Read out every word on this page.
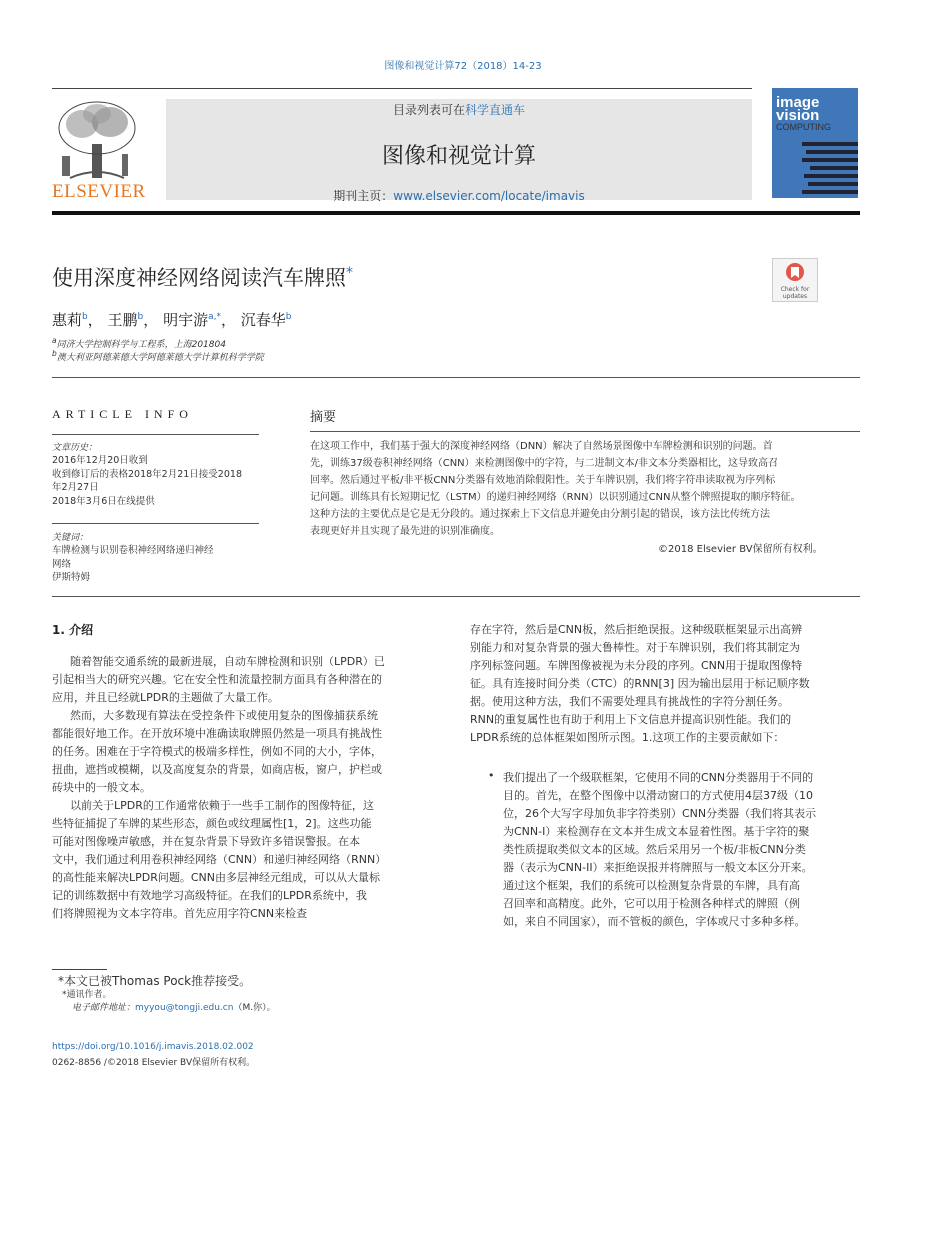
图像和视觉计算72（2018）14-23
ELSEVIER
目录列表可在科学直通车
图像和视觉计算
期刊主页：www.elsevier.com/locate/imavis
image
vision
COMPUTING
使用深度神经网络阅读汽车牌照*
Check for updates
惠莉$^b$， 王鹏$^b$， 明宇游$^{a,*}$， 沉春华$^b$
$^a$同济大学控制科学与工程系，上海201804
$^b$澳大利亚阿德莱德大学阿德莱德大学计算机科学学院
ARTICLE INFO	摘要
文章历史：
2016年12月20日收到
收到修订后的表格2018年2月21日接受2018
年2月27日
2018年3月6日在线提供
关键词：
车牌检测与识别卷积神经网络递归神经
网络
伊斯特姆
在这项工作中，我们基于强大的深度神经网络（DNN）解决了自然场景图像中车牌检测和识别的问题。首
先，训练37级卷积神经网络（CNN）来检测图像中的字符，与二进制文本/非文本分类器相比，这导致高召
回率。然后通过平板/非平板CNN分类器有效地消除假阳性。关于车牌识别，我们将字符串读取视为序列标
记问题。训练具有长短期记忆（LSTM）的递归神经网络（RNN）以识别通过CNN从整个牌照提取的顺序特征。
这种方法的主要优点是它是无分段的。通过探索上下文信息并避免由分割引起的错误，该方法比传统方法
表现更好并且实现了最先进的识别准确度。
©2018 Elsevier BV保留所有权利。
1. 介绍

随着智能交通系统的最新进展，自动车牌检测和识别（LPDR）已

引起相当大的研究兴趣。它在安全性和流量控制方面具有各种潜在的

应用，并且已经就LPDR的主题做了大量工作。

然而，大多数现有算法在受控条件下或使用复杂的图像捕获系统

都能很好地工作。在开放环境中准确读取牌照仍然是一项具有挑战性

的任务。困难在于字符模式的极端多样性，例如不同的大小，字体，

扭曲，遮挡或模糊，以及高度复杂的背景，如商店板，窗户，护栏或

砖块中的一般文本。

以前关于LPDR的工作通常依赖于一些手工制作的图像特征，这

些特征捕捉了车牌的某些形态，颜色或纹理属性[1，2]。这些功能

可能对图像噪声敏感，并在复杂背景下导致许多错误警报。在本

文中，我们通过利用卷积神经网络（CNN）和递归神经网络（RNN）

的高性能来解决LPDR问题。CNN由多层神经元组成，可以从大量标

记的训练数据中有效地学习高级特征。在我们的LPDR系统中，我

们将牌照视为文本字符串。首先应用字符CNN来检查

存在字符，然后是CNN板，然后拒绝误报。这种级联框架显示出高辨

别能力和对复杂背景的强大鲁棒性。对于车牌识别，我们将其制定为

序列标签问题。车牌图像被视为未分段的序列。CNN用于提取图像特

征。具有连接时间分类（CTC）的RNN[3] 因为输出层用于标记顺序数

据。使用这种方法，我们不需要处理具有挑战性的字符分割任务。

RNN的重复属性也有助于利用上下文信息并提高识别性能。我们的

LPDR系统的总体框架如图所示图。1.这项工作的主要贡献如下：

• 我们提出了一个级联框架，它使用不同的CNN分类器用于不同的

目的。首先，在整个图像中以滑动窗口的方式使用4层37级（10

位，26个大写字母加负非字符类别）CNN分类器（我们将其表示

为CNN-I）来检测存在文本并生成文本显着性图。基于字符的聚

类性质提取类似文本的区域。然后采用另一个板/非板CNN分类

器（表示为CNN-II）来拒绝误报并将牌照与一般文本区分开来。

通过这个框架，我们的系统可以检测复杂背景的车牌，具有高

召回率和高精度。此外，它可以用于检测各种样式的牌照（例

如，来自不同国家），而不管板的颜色，字体或尺寸多种多样。

*本文已被Thomas Pock推荐接受。
*通讯作者。
电子邮件地址：myyou@tongji.edu.cn（M.你）。
https://doi.org/10.1016/j.imavis.2018.02.002
0262-8856 /©2018 Elsevier BV保留所有权利。
